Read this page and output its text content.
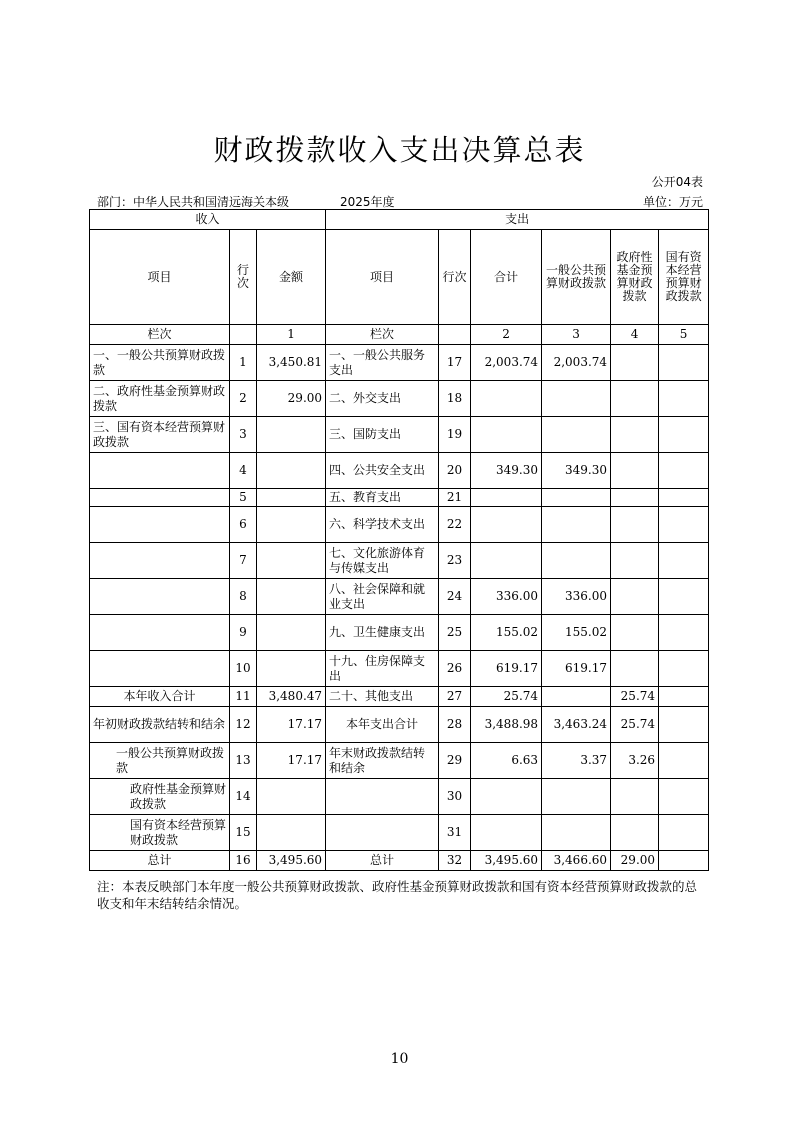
财政拨款收入支出决算总表
公开04表
部门：中华人民共和国清远海关本级	2025年度	单位：万元
收入			支出					
项目	行次	金额	项目	行次	合计	一般公共预算财政拨款	政府性基金预算财政拨款	国有资本经营预算财政拨款
栏次		1	栏次		2	3	4	5
一、一般公共预算财政拨款	1	3,450.81	一、一般公共服务支出	17	2,003.74	2,003.74		
二、政府性基金预算财政拨款	2	29.00	二、外交支出	18				
三、国有资本经营预算财政拨款	3		三、国防支出	19				
	4		四、公共安全支出	20	349.30	349.30		
	5		五、教育支出	21				
	6		六、科学技术支出	22				
	7		七、文化旅游体育与传媒支出	23				
	8		八、社会保障和就业支出	24	336.00	336.00		
	9		九、卫生健康支出	25	155.02	155.02		
	10		十九、住房保障支出	26	619.17	619.17		
本年收入合计	11	3,480.47	二十、其他支出	27	25.74		25.74	
年初财政拨款结转和结余	12	17.17	本年支出合计	28	3,488.98	3,463.24	25.74	
一般公共预算财政拨款	13	17.17	年末财政拨款结转和结余	29	6.63	3.37	3.26	
政府性基金预算财政拨款	14			30				
国有资本经营预算财政拨款	15			31				
总计	16	3,495.60	总计	32	3,495.60	3,466.60	29.00	
注：本表反映部门本年度一般公共预算财政拨款、政府性基金预算财政拨款和国有资本经营预算财政拨款的总收支和年末结转结余情况。
10
